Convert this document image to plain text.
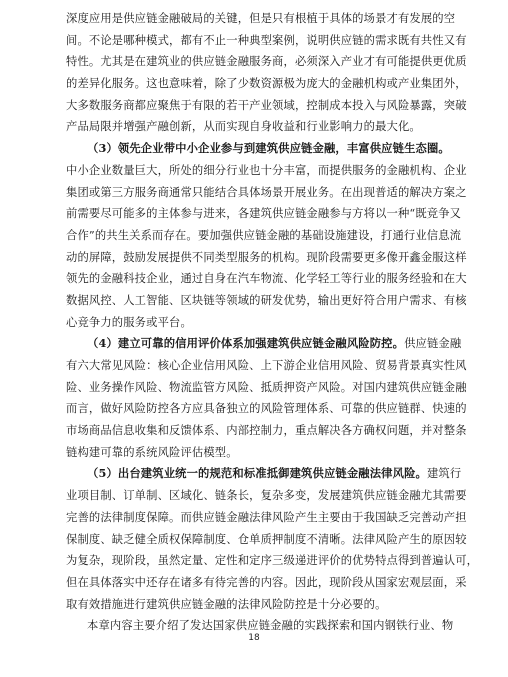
深度应用是供应链金融破局的关键，但是只有根植于具体的场景才有发展的空
间。不论是哪种模式，都有不止一种典型案例，说明供应链的需求既有共性又有
特性。尤其是在建筑业的供应链金融服务商，必须深入产业才有可能提供更优质
的差异化服务。这也意味着，除了少数资源极为庞大的金融机构或产业集团外，
大多数服务商都应聚焦于有限的若干产业领域，控制成本投入与风险暴露，突破
产品局限并增强产融创新，从而实现自身收益和行业影响力的最大化。

（3）领先企业带中小企业参与到建筑供应链金融，丰富供应链生态圈。
中小企业数量巨大，所处的细分行业也十分丰富，而提供服务的金融机构、企业
集团或第三方服务商通常只能结合具体场景开展业务。在出现普适的解决方案之
前需要尽可能多的主体参与进来，各建筑供应链金融参与方将以一种“既竞争又
合作”的共生关系而存在。要加强供应链金融的基础设施建设，打通行业信息流
动的屏障，鼓励发展提供不同类型服务的机构。现阶段需要更多像开鑫金服这样
领先的金融科技企业，通过自身在汽车物流、化学轻工等行业的服务经验和在大
数据风控、人工智能、区块链等领域的研发优势，输出更好符合用户需求、有核
心竞争力的服务或平台。

（4）建立可靠的信用评价体系加强建筑供应链金融风险防控。供应链金融
有六大常见风险：核心企业信用风险、上下游企业信用风险、贸易背景真实性风
险、业务操作风险、物流监管方风险、抵质押资产风险。对国内建筑供应链金融
而言，做好风险防控各方应具备独立的风险管理体系、可靠的供应链群、快速的
市场商品信息收集和反馈体系、内部控制力，重点解决各方确权问题，并对整条
链构建可靠的系统风险评估模型。

（5）出台建筑业统一的规范和标准抵御建筑供应链金融法律风险。建筑行
业项目制、订单制、区域化、链条长，复杂多变，发展建筑供应链金融尤其需要
完善的法律制度保障。而供应链金融法律风险产生主要由于我国缺乏完善动产担
保制度、缺乏健全质权保障制度、仓单质押制度不清晰。法律风险产生的原因较
为复杂，现阶段，虽然定量、定性和定序三级递进评价的优势特点得到普遍认可，
但在具体落实中还存在诸多有待完善的内容。因此，现阶段从国家宏观层面，采
取有效措施进行建筑供应链金融的法律风险防控是十分必要的。

本章内容主要介绍了发达国家供应链金融的实践探索和国内钢铁行业、物

18
